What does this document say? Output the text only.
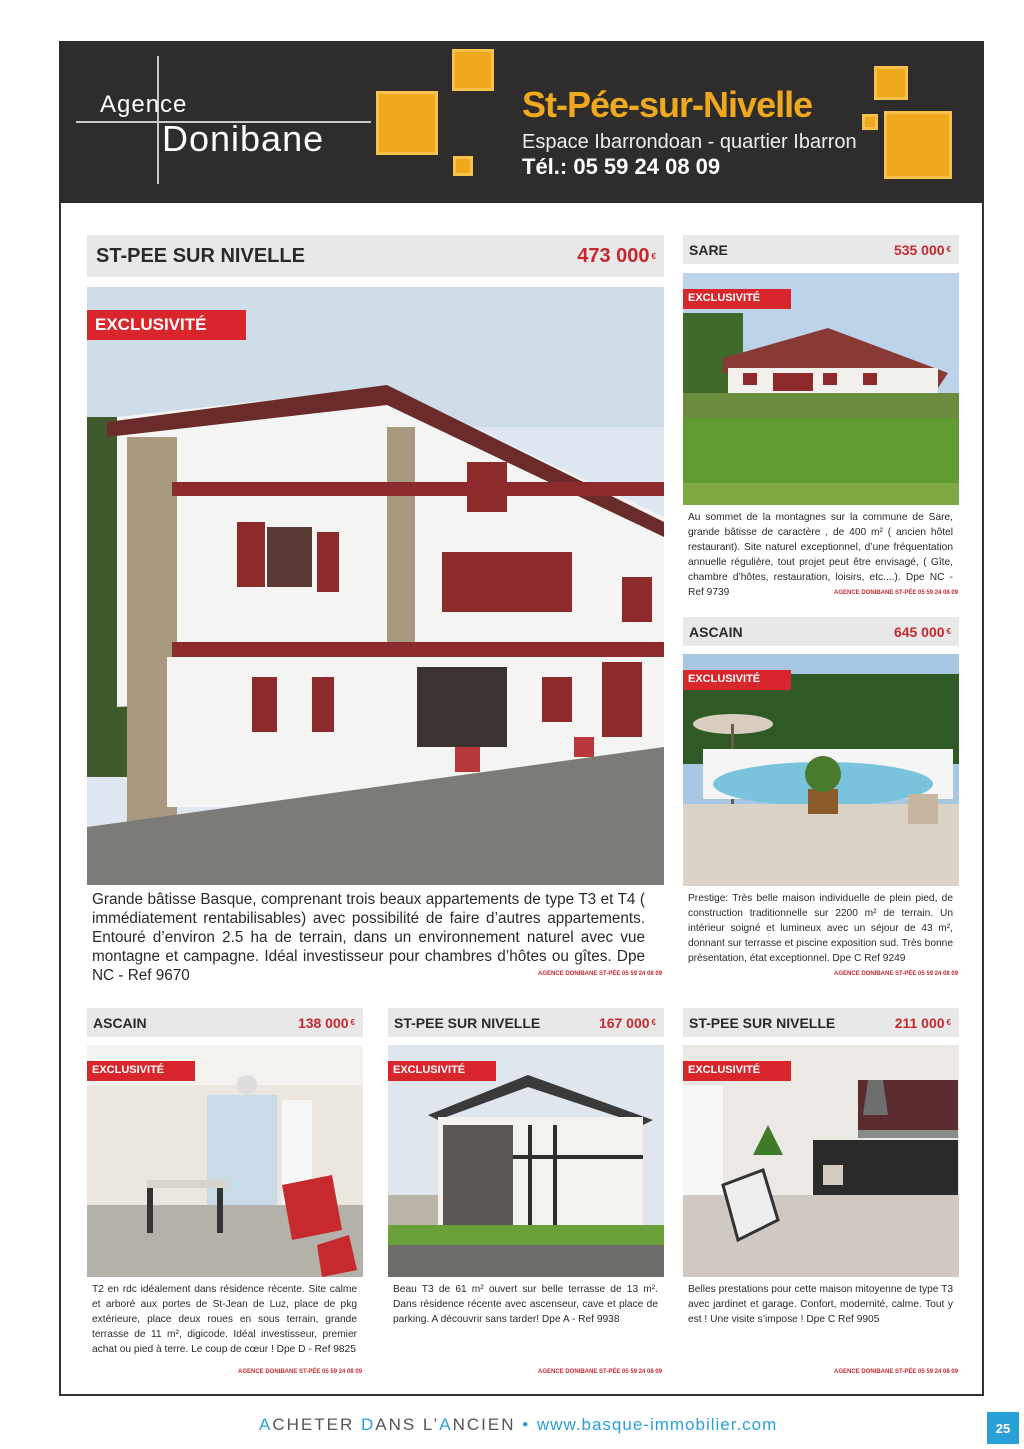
Agence
Donibane
St-Pée-sur-Nivelle
Espace Ibarrondoan - quartier Ibarron
Tél.: 05 59 24 08 09
ST-PEE SUR NIVELLE	473 000 €
EXCLUSIVITÉ
Grande bâtisse Basque, comprenant trois beaux appartements de type T3 et T4 ( immédiatement rentabilisables) avec possibilité de faire d’autres appartements. Entouré d’environ 2.5 ha de terrain, dans un environnement naturel avec vue montagne et campagne. Idéal investisseur pour chambres d’hôtes ou gîtes. Dpe NC - Ref 9670	AGENCE DONIBANE ST-PÉE 05 59 24 08 09
SARE	535 000 €
EXCLUSIVITÉ
Au sommet de la montagnes sur la commune de Sare, grande bâtisse de caractère , de 400 m² ( ancien hôtel restaurant). Site naturel exceptionnel, d’une fréquentation annuelle régulière, tout projet peut être envisagé, ( Gîte, chambre d’hôtes, restauration, loisirs, etc....). Dpe NC - Ref 9739	AGENCE DONIBANE ST-PÉE 05 59 24 08 09
ASCAIN	645 000 €
EXCLUSIVITÉ
Prestige: Très belle maison individuelle de plein pied, de construction traditionnelle sur 2200 m² de terrain. Un intérieur soigné et lumineux avec un séjour de 43 m², donnant sur terrasse et piscine exposition sud. Très bonne présentation, état exceptionnel. Dpe C Ref 9249
AGENCE DONIBANE ST-PÉE 05 59 24 08 09
ASCAIN	138 000 €
EXCLUSIVITÉ
T2 en rdc idéalement dans résidence récente. Site calme et arboré aux portes de St-Jean de Luz, place de pkg extérieure, place deux roues en sous terrain, grande terrasse de 11 m², digicode. Idéal investisseur, premier achat ou pied à terre. Le coup de cœur ! Dpe D - Ref 9825
AGENCE DONIBANE ST-PÉE 05 59 24 08 09
ST-PEE SUR NIVELLE	167 000 €
EXCLUSIVITÉ
Beau T3 de 61 m² ouvert sur belle terrasse de 13 m². Dans résidence récente avec ascenseur, cave et place de parking. A découvrir sans tarder! Dpe A - Ref 9938
AGENCE DONIBANE ST-PÉE 05 59 24 08 09
ST-PEE SUR NIVELLE	211 000 €
EXCLUSIVITÉ
Belles prestations pour cette maison mitoyenne de type T3 avec jardinet et garage. Confort, modernité, calme. Tout y est ! Une visite s’impose ! Dpe C Ref 9905
AGENCE DONIBANE ST-PÉE 05 59 24 08 09
ACHETER DANS L’ANCIEN • www.basque-immobilier.com	25
